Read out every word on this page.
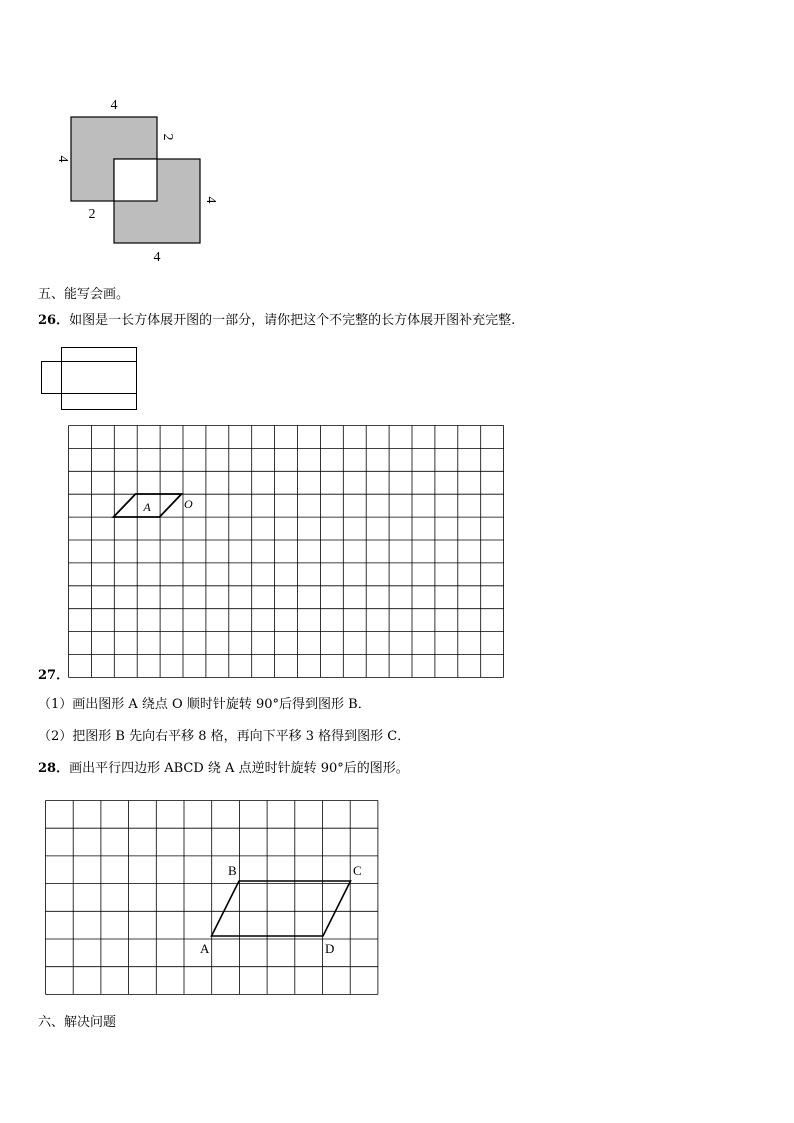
4
4
2
2
4
4
五、能写会画。
26．如图是一长方体展开图的一部分，请你把这个不完整的长方体展开图补充完整.
27．
A	O
（1）画出图形 A 绕点 O 顺时针旋转 90°后得到图形 B．
（2）把图形 B 先向右平移 8 格，再向下平移 3 格得到图形 C．
28．画出平行四边形 ABCD 绕 A 点逆时针旋转 90°后的图形。
A
B	C
D
六、解决问题
